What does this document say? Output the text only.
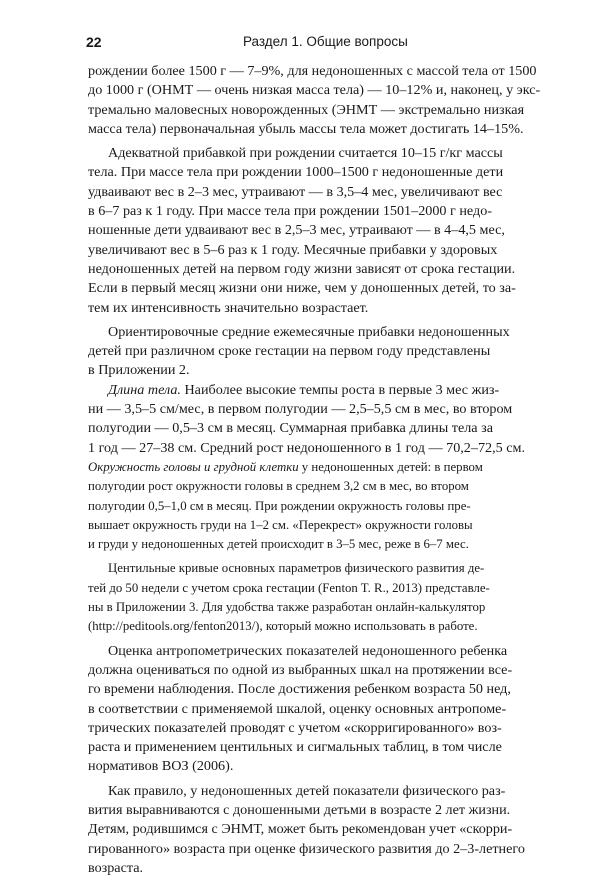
22	Раздел 1. Общие вопросы
рождении более 1500 г — 7–9%, для недоношенных с массой тела от 1500
до 1000 г (ОНМТ — очень низкая масса тела) — 10–12% и, наконец, у экс-
тремально маловесных новорожденных (ЭНМТ — экстремально низкая
масса тела) первоначальная убыль массы тела может достигать 14–15%.
Адекватной прибавкой при рождении считается 10–15 г/кг массы
тела. При массе тела при рождении 1000–1500 г недоношенные дети
удваивают вес в 2–3 мес, утраивают — в 3,5–4 мес, увеличивают вес
в 6–7 раз к 1 году. При массе тела при рождении 1501–2000 г недо-
ношенные дети удваивают вес в 2,5–3 мес, утраивают — в 4–4,5 мес,
увеличивают вес в 5–6 раз к 1 году. Месячные прибавки у здоровых
недоношенных детей на первом году жизни зависят от срока гестации.
Если в первый месяц жизни они ниже, чем у доношенных детей, то за-
тем их интенсивность значительно возрастает.
Ориентировочные средние ежемесячные прибавки недоношенных
детей при различном сроке гестации на первом году представлены
в Приложении 2.
Длина тела. Наиболее высокие темпы роста в первые 3 мес жиз-
ни — 3,5–5 см/мес, в первом полугодии — 2,5–5,5 см в мес, во втором
полугодии — 0,5–3 см в месяц. Суммарная прибавка длины тела за
1 год — 27–38 см. Средний рост недоношенного в 1 год — 70,2–72,5 см.
Окружность головы и грудной клетки у недоношенных детей: в первом
полугодии рост окружности головы в среднем 3,2 см в мес, во втором
полугодии 0,5–1,0 см в месяц. При рождении окружность головы пре-
вышает окружность груди на 1–2 см. «Перекрест» окружности головы
и груди у недоношенных детей происходит в 3–5 мес, реже в 6–7 мес.
Центильные кривые основных параметров физического развития де-
тей до 50 недели с учетом срока гестации (Fenton T. R., 2013) представле-
ны в Приложении 3. Для удобства также разработан онлайн-калькулятор
(http://peditools.org/fenton2013/), который можно использовать в работе.
Оценка антропометрических показателей недоношенного ребенка
должна оцениваться по одной из выбранных шкал на протяжении все-
го времени наблюдения. После достижения ребенком возраста 50 нед,
в соответствии с применяемой шкалой, оценку основных антропоме-
трических показателей проводят с учетом «скорригированного» воз-
раста и применением центильных и сигмальных таблиц, в том числе
нормативов ВОЗ (2006).
Как правило, у недоношенных детей показатели физического раз-
вития выравниваются с доношенными детьми в возрасте 2 лет жизни.
Детям, родившимся с ЭНМТ, может быть рекомендован учет «скорри-
гированного» возраста при оценке физического развития до 2–3-летнего
возраста.
